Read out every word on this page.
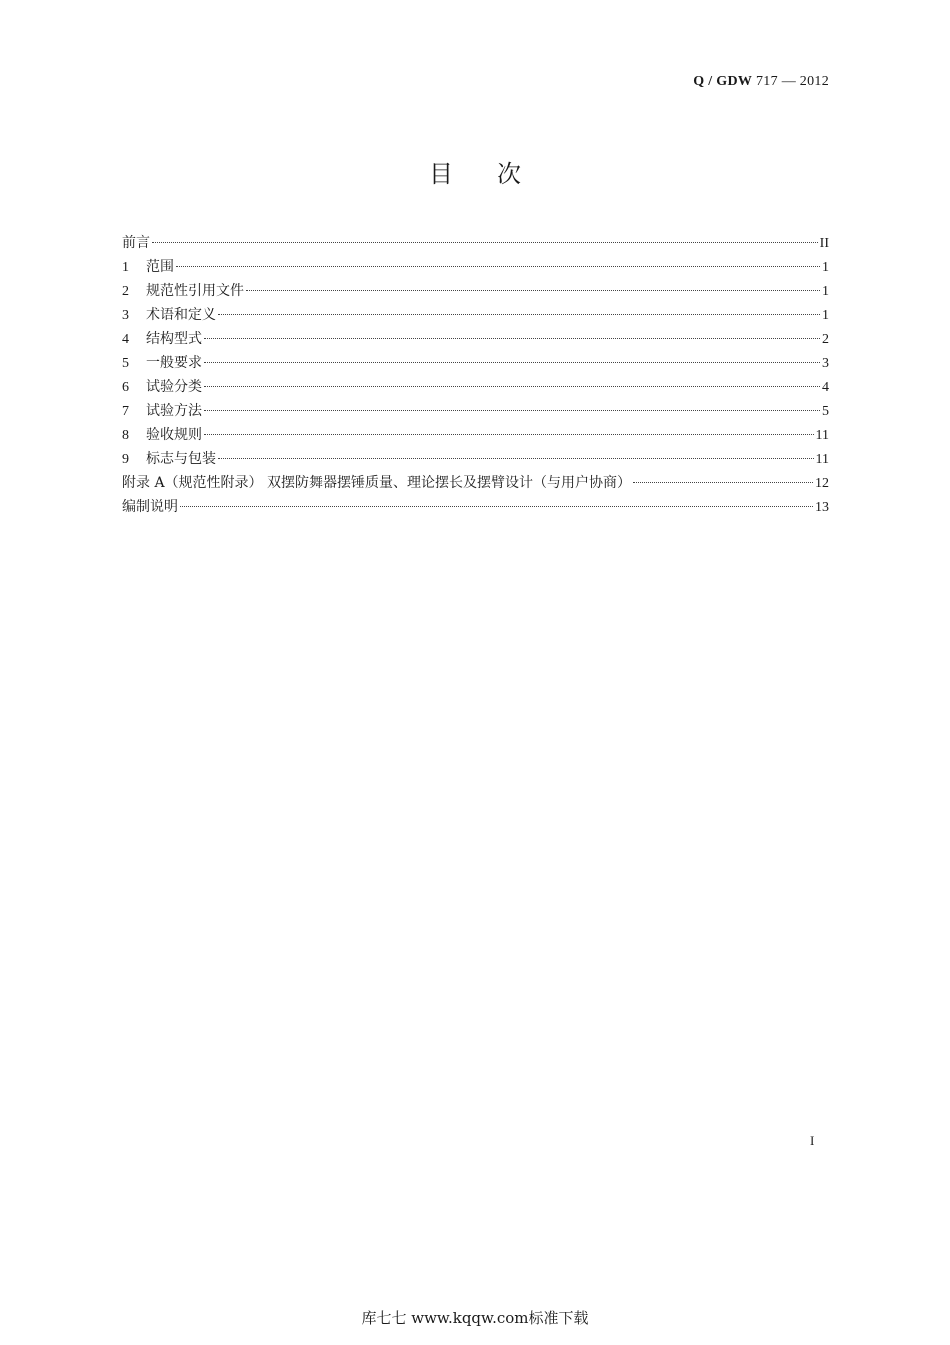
Q / GDW 717 — 2012
目次
前言	II
1	范围	1
2	规范性引用文件	1
3	术语和定义	1
4	结构型式	2
5	一般要求	3
6	试验分类	4
7	试验方法	5
8	验收规则	11
9	标志与包装	11
附录 A（规范性附录） 双摆防舞器摆锤质量、理论摆长及摆臂设计（与用户协商）	12
编制说明	13
I
库七七 www.kqqw.com标准下载
